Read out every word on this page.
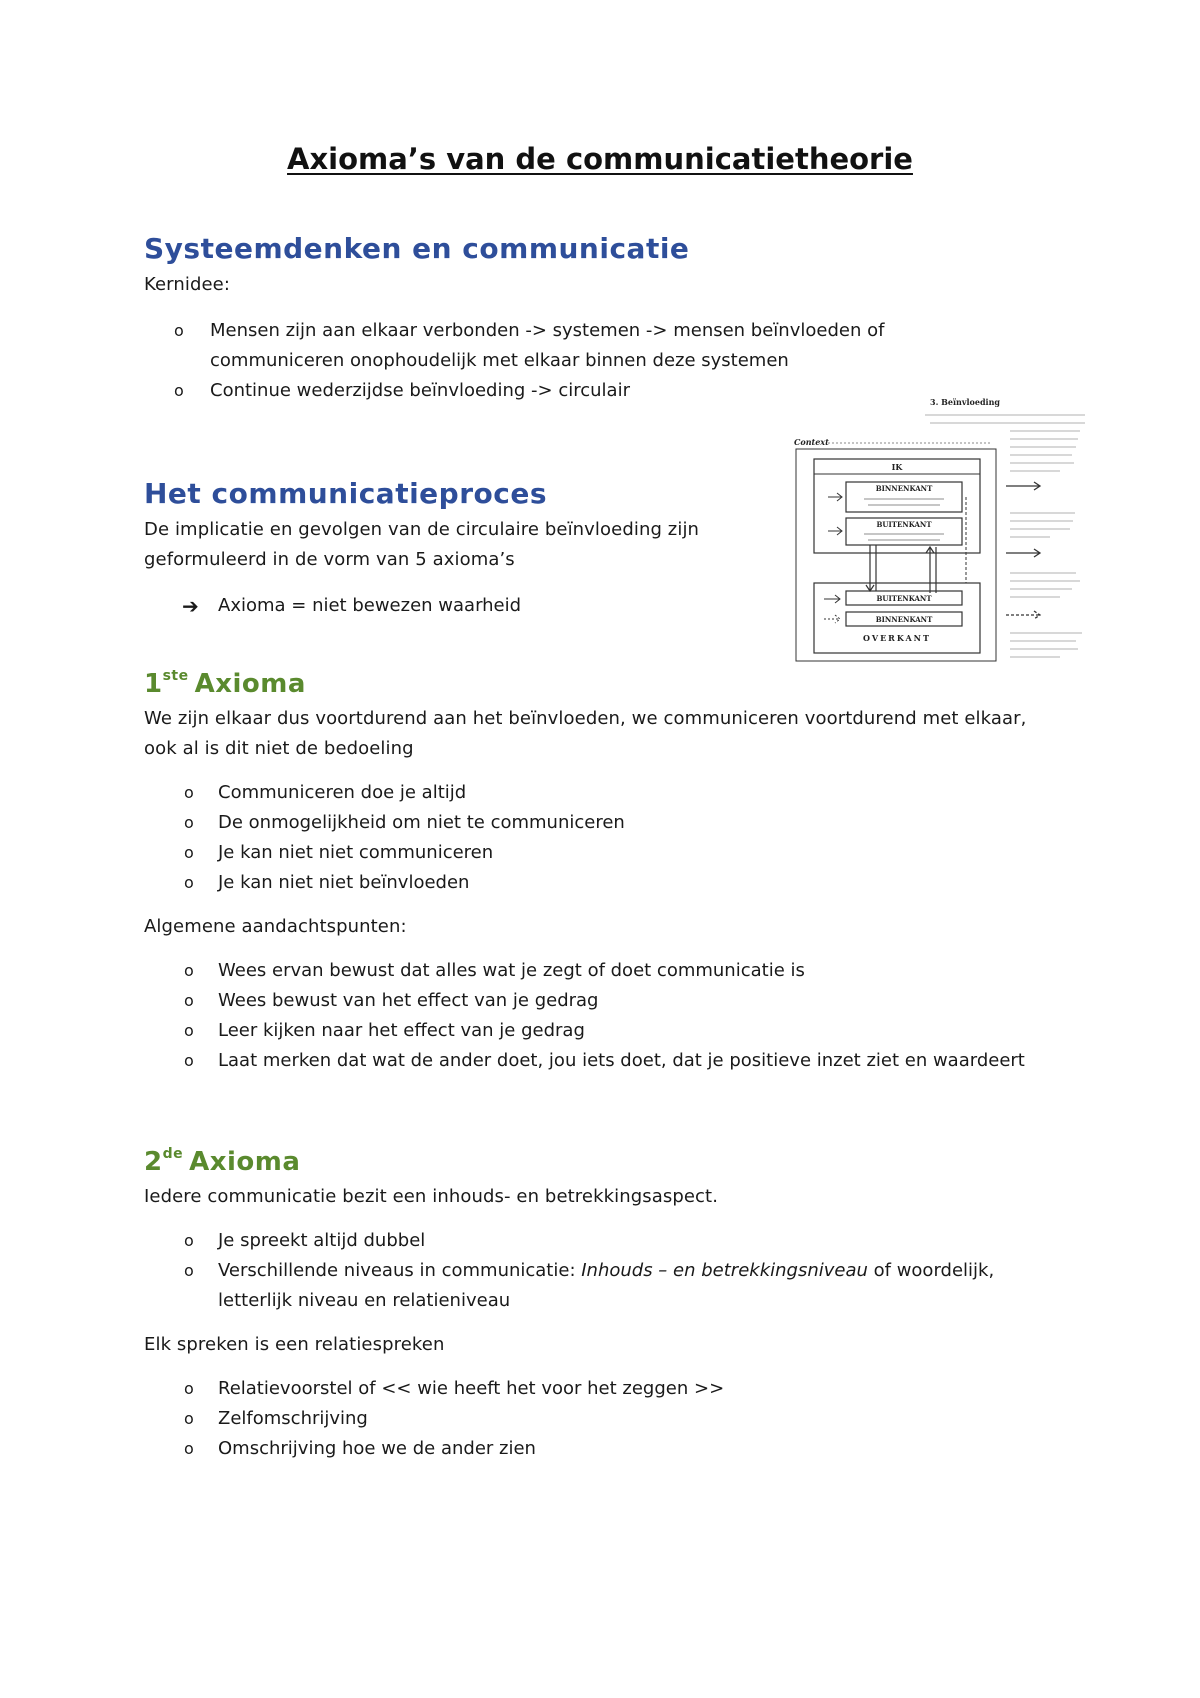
Axioma’s van de communicatietheorie
Systeemdenken en communicatie

Kernidee:

o Mensen zijn aan elkaar verbonden -> systemen -> mensen beïnvloeden of communiceren onophoudelijk met elkaar binnen deze systemen
o Continue wederzijdse beïnvloeding -> circulair
Het communicatieproces

De implicatie en gevolgen van de circulaire beïnvloeding zijn geformuleerd in de vorm van 5 axioma’s

➔ Axioma = niet bewezen waarheid
3. Beïnvloeding
Context
IK
BINNENKANT
BUITENKANT
BUITENKANT
BINNENKANT
OVERKANT
1ste Axioma

We zijn elkaar dus voortdurend aan het beïnvloeden, we communiceren voortdurend met elkaar, ook al is dit niet de bedoeling

o Communiceren doe je altijd
o De onmogelijkheid om niet te communiceren
o Je kan niet niet communiceren
o Je kan niet niet beïnvloeden

Algemene aandachtspunten:

o Wees ervan bewust dat alles wat je zegt of doet communicatie is
o Wees bewust van het effect van je gedrag
o Leer kijken naar het effect van je gedrag
o Laat merken dat wat de ander doet, jou iets doet, dat je positieve inzet ziet en waardeert
2de Axioma

Iedere communicatie bezit een inhouds- en betrekkingsaspect.

o Je spreekt altijd dubbel
o Verschillende niveaus in communicatie: Inhouds – en betrekkingsniveau of woordelijk, letterlijk niveau en relatieniveau

Elk spreken is een relatiespreken

o Relatievoorstel of << wie heeft het voor het zeggen >>
o Zelfomschrijving
o Omschrijving hoe we de ander zien
